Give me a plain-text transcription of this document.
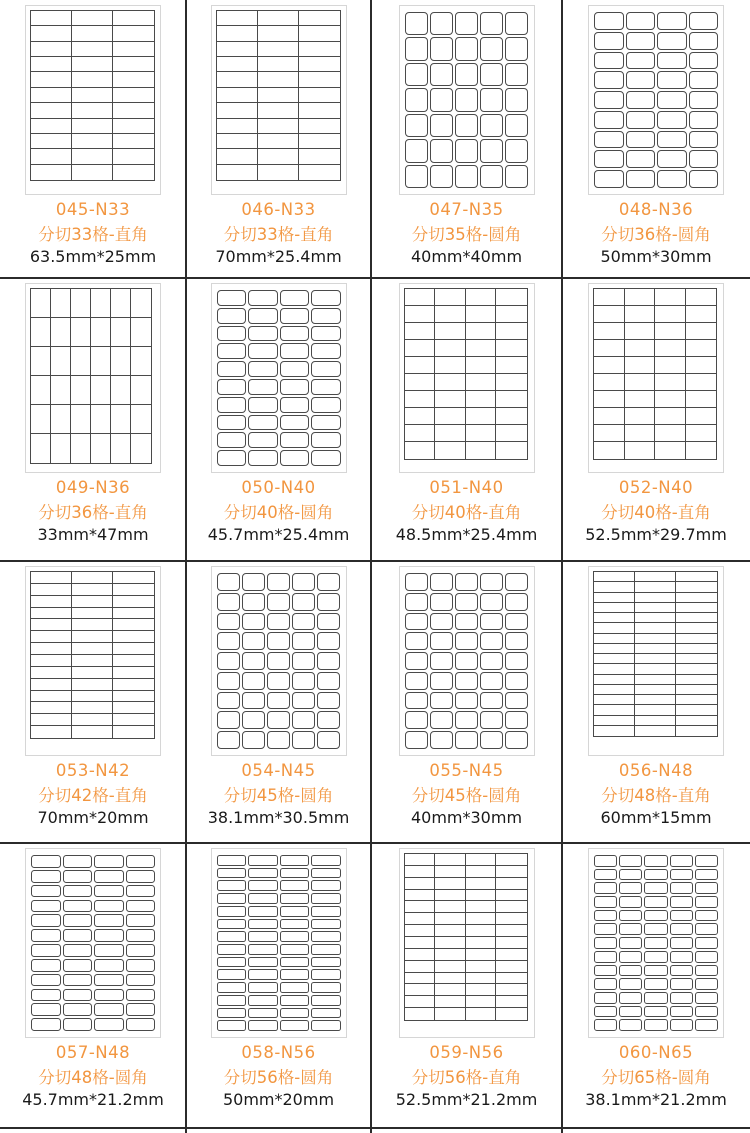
045-N33
分切33格-直角
63.5mm*25mm
046-N33
分切33格-直角
70mm*25.4mm
047-N35
分切35格-圆角
40mm*40mm
048-N36
分切36格-圆角
50mm*30mm
049-N36
分切36格-直角
33mm*47mm
050-N40
分切40格-圆角
45.7mm*25.4mm
051-N40
分切40格-直角
48.5mm*25.4mm
052-N40
分切40格-直角
52.5mm*29.7mm
053-N42
分切42格-直角
70mm*20mm
054-N45
分切45格-圆角
38.1mm*30.5mm
055-N45
分切45格-圆角
40mm*30mm
056-N48
分切48格-直角
60mm*15mm
057-N48
分切48格-圆角
45.7mm*21.2mm
058-N56
分切56格-圆角
50mm*20mm
059-N56
分切56格-直角
52.5mm*21.2mm
060-N65
分切65格-圆角
38.1mm*21.2mm
